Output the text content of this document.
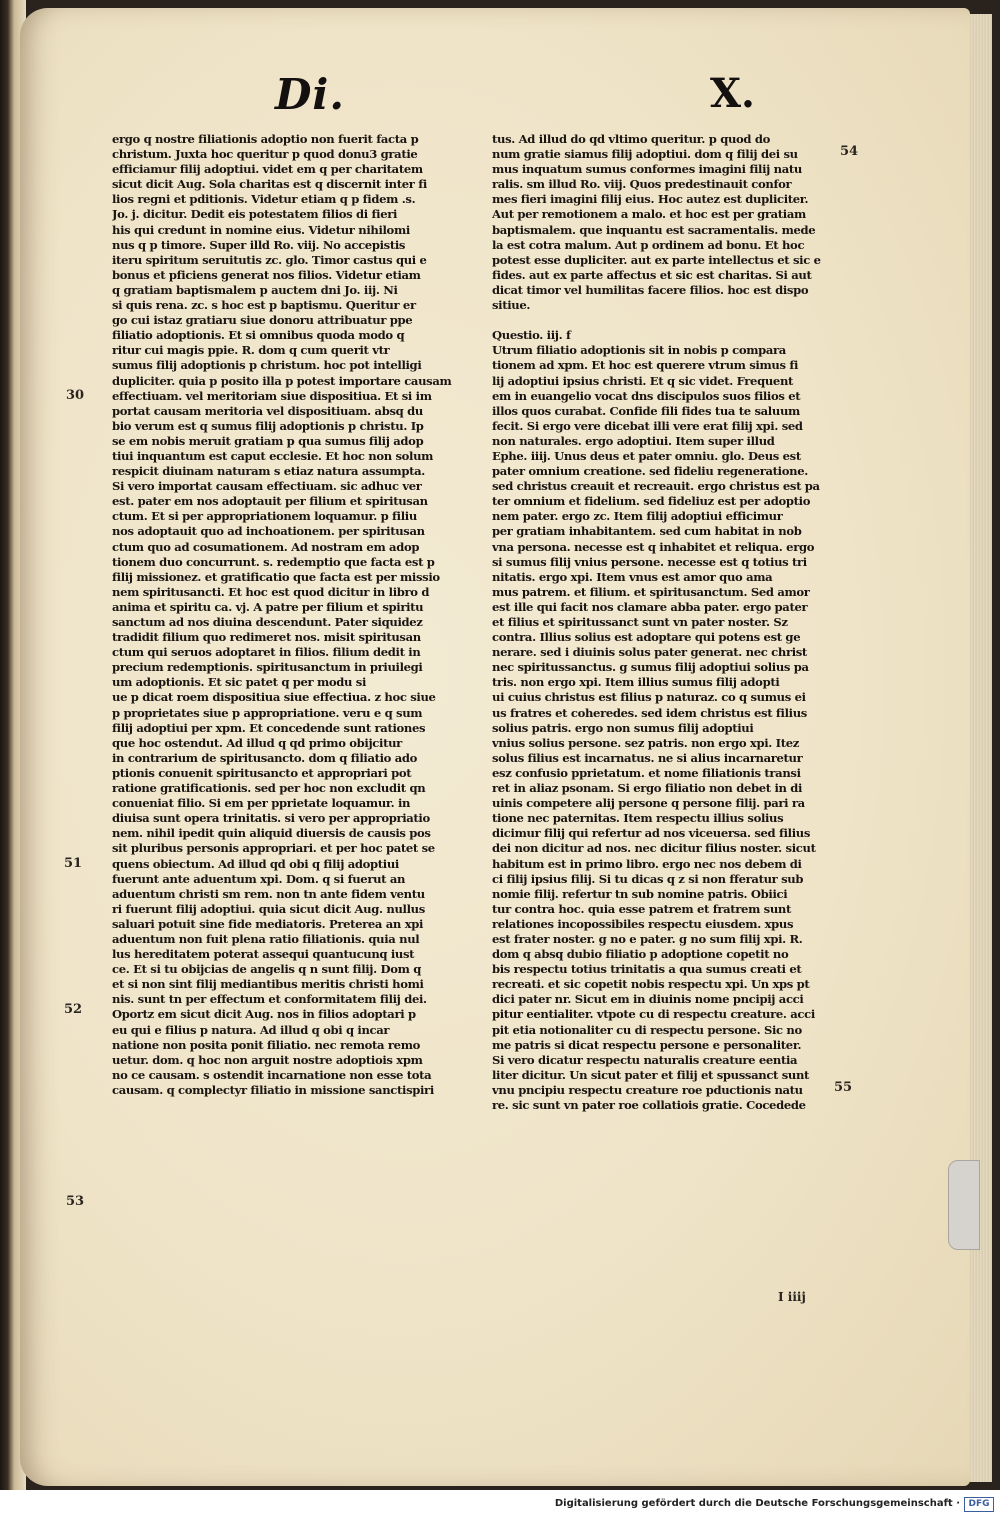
Di.	X.
ergo q nostre filiationis adoptio non fuerit facta p
christum. Juxta hoc queritur p quod donu3 gratie
efficiamur filij adoptiui. videt em q per charitatem
sicut dicit Aug. Sola charitas est q discernit inter fi
lios regni et pditionis. Videtur etiam q p fidem .s.
Jo. j. dicitur. Dedit eis potestatem filios di fieri
his qui credunt in nomine eius. Videtur nihilomi
nus q p timore. Super illd Ro. viij. No accepistis
iteru spiritum seruitutis zc. glo. Timor castus qui e
bonus et pficiens generat nos filios. Videtur etiam
q gratiam baptismalem p auctem dni Jo. iij. Ni
si quis rena. zc. s hoc est p baptismu. Queritur er
go cui istaz gratiaru siue donoru attribuatur ppe
filiatio adoptionis. Et si omnibus quoda modo q
ritur cui magis ppie. R. dom q cum querit vtr
sumus filij adoptionis p christum. hoc pot intelligi
dupliciter. quia p posito illa p potest importare causam
effectiuam. vel meritoriam siue dispositiua. Et si im
portat causam meritoria vel dispositiuam. absq du
bio verum est q sumus filij adoptionis p christu. Ip
se em nobis meruit gratiam p qua sumus filij adop
tiui inquantum est caput ecclesie. Et hoc non solum
respicit diuinam naturam s etiaz natura assumpta.
Si vero importat causam effectiuam. sic adhuc ver
est. pater em nos adoptauit per filium et spiritusan
ctum. Et si per appropriationem loquamur. p filiu
nos adoptauit quo ad inchoationem. per spiritusan
ctum quo ad cosumationem. Ad nostram em adop
tionem duo concurrunt. s. redemptio que facta est p
filij missionez. et gratificatio que facta est per missio
nem spiritusancti. Et hoc est quod dicitur in libro d
anima et spiritu ca. vj. A patre per filium et spiritu
sanctum ad nos diuina descendunt. Pater siquidez
tradidit filium quo redimeret nos. misit spiritusan
ctum qui seruos adoptaret in filios. filium dedit in
precium redemptionis. spiritusanctum in priuilegi
um adoptionis. Et sic patet q per modu si
ue p dicat roem dispositiua siue effectiua. z hoc siue
p proprietates siue p appropriatione. veru e q sum
filij adoptiui per xpm. Et concedende sunt rationes
que hoc ostendut. Ad illud q qd primo obijcitur
in contrarium de spiritusancto. dom q filiatio ado
ptionis conuenit spiritusancto et appropriari pot
ratione gratificationis. sed per hoc non excludit qn
conueniat filio. Si em per pprietate loquamur. in
diuisa sunt opera trinitatis. si vero per appropriatio
nem. nihil ipedit quin aliquid diuersis de causis pos
sit pluribus personis appropriari. et per hoc patet se
quens obiectum. Ad illud qd obi q filij adoptiui
fuerunt ante aduentum xpi. Dom. q si fuerut an
aduentum christi sm rem. non tn ante fidem ventu
ri fuerunt filij adoptiui. quia sicut dicit Aug. nullus
saluari potuit sine fide mediatoris. Preterea an xpi
aduentum non fuit plena ratio filiationis. quia nul
lus hereditatem poterat assequi quantucunq iust
ce. Et si tu obijcias de angelis q n sunt filij. Dom q
et si non sint filij mediantibus meritis christi homi
nis. sunt tn per effectum et conformitatem filij dei.
Oportz em sicut dicit Aug. nos in filios adoptari p
eu qui e filius p natura. Ad illud q obi q incar
natione non posita ponit filiatio. nec remota remo
uetur. dom. q hoc non arguit nostre adoptiois xpm
no ce causam. s ostendit incarnatione non esse tota
causam. q complectyr filiatio in missione sanctispiri
tus. Ad illud do qd vltimo queritur. p quod do
num gratie siamus filij adoptiui. dom q filij dei su
mus inquatum sumus conformes imagini filij natu
ralis. sm illud Ro. viij. Quos predestinauit confor
mes fieri imagini filij eius. Hoc autez est dupliciter.
Aut per remotionem a malo. et hoc est per gratiam
baptismalem. que inquantu est sacramentalis. mede
la est cotra malum. Aut p ordinem ad bonu. Et hoc
potest esse dupliciter. aut ex parte intellectus et sic e
fides. aut ex parte affectus et sic est charitas. Si aut
dicat timor vel humilitas facere filios. hoc est dispo
sitiue.
Questio. iij. f
Utrum filiatio adoptionis sit in nobis p compara
tionem ad xpm. Et hoc est querere vtrum simus fi
lij adoptiui ipsius christi. Et q sic videt. Frequent
em in euangelio vocat dns discipulos suos filios et
illos quos curabat. Confide fili fides tua te saluum
fecit. Si ergo vere dicebat illi vere erat filij xpi. sed
non naturales. ergo adoptiui. Item super illud
Ephe. iiij. Unus deus et pater omniu. glo. Deus est
pater omnium creatione. sed fideliu regeneratione.
sed christus creauit et recreauit. ergo christus est pa
ter omnium et fidelium. sed fideliuz est per adoptio
nem pater. ergo zc. Item filij adoptiui efficimur
per gratiam inhabitantem. sed cum habitat in nob
vna persona. necesse est q inhabitet et reliqua. ergo
si sumus filij vnius persone. necesse est q totius tri
nitatis. ergo xpi. Item vnus est amor quo ama
mus patrem. et filium. et spiritusanctum. Sed amor
est ille qui facit nos clamare abba pater. ergo pater
et filius et spiritussanct sunt vn pater noster. Sz
contra. Illius solius est adoptare qui potens est ge
nerare. sed i diuinis solus pater generat. nec christ
nec spiritussanctus. g sumus filij adoptiui solius pa
tris. non ergo xpi. Item illius sumus filij adopti
ui cuius christus est filius p naturaz. co q sumus ei
us fratres et coheredes. sed idem christus est filius
solius patris. ergo non sumus filij adoptiui
vnius solius persone. sez patris. non ergo xpi. Itez
solus filius est incarnatus. ne si alius incarnaretur
esz confusio pprietatum. et nome filiationis transi
ret in aliaz psonam. Si ergo filiatio non debet in di
uinis competere alij persone q persone filij. pari ra
tione nec paternitas. Item respectu illius solius
dicimur filij qui refertur ad nos viceuersa. sed filius
dei non dicitur ad nos. nec dicitur filius noster. sicut
habitum est in primo libro. ergo nec nos debem di
ci filij ipsius filij. Si tu dicas q z si non fferatur sub
nomie filij. refertur tn sub nomine patris. Obiici
tur contra hoc. quia esse patrem et fratrem sunt
relationes incopossibiles respectu eiusdem. xpus
est frater noster. g no e pater. g no sum filij xpi. R.
dom q absq dubio filiatio p adoptione copetit no
bis respectu totius trinitatis a qua sumus creati et
recreati. et sic copetit nobis respectu xpi. Un xps pt
dici pater nr. Sicut em in diuinis nome pncipij acci
pitur eentialiter. vtpote cu di respectu creature. acci
pit etia notionaliter cu di respectu persone. Sic no
me patris si dicat respectu persone e personaliter.
Si vero dicatur respectu naturalis creature eentia
liter dicitur. Un sicut pater et filij et spussanct sunt
vnu pncipiu respectu creature roe pductionis natu
re. sic sunt vn pater roe collatiois gratie. Cocedede
30
51
52
53
54
55
I iiij
Digitalisierung gefördert durch die Deutsche Forschungsgemeinschaft · DFG
